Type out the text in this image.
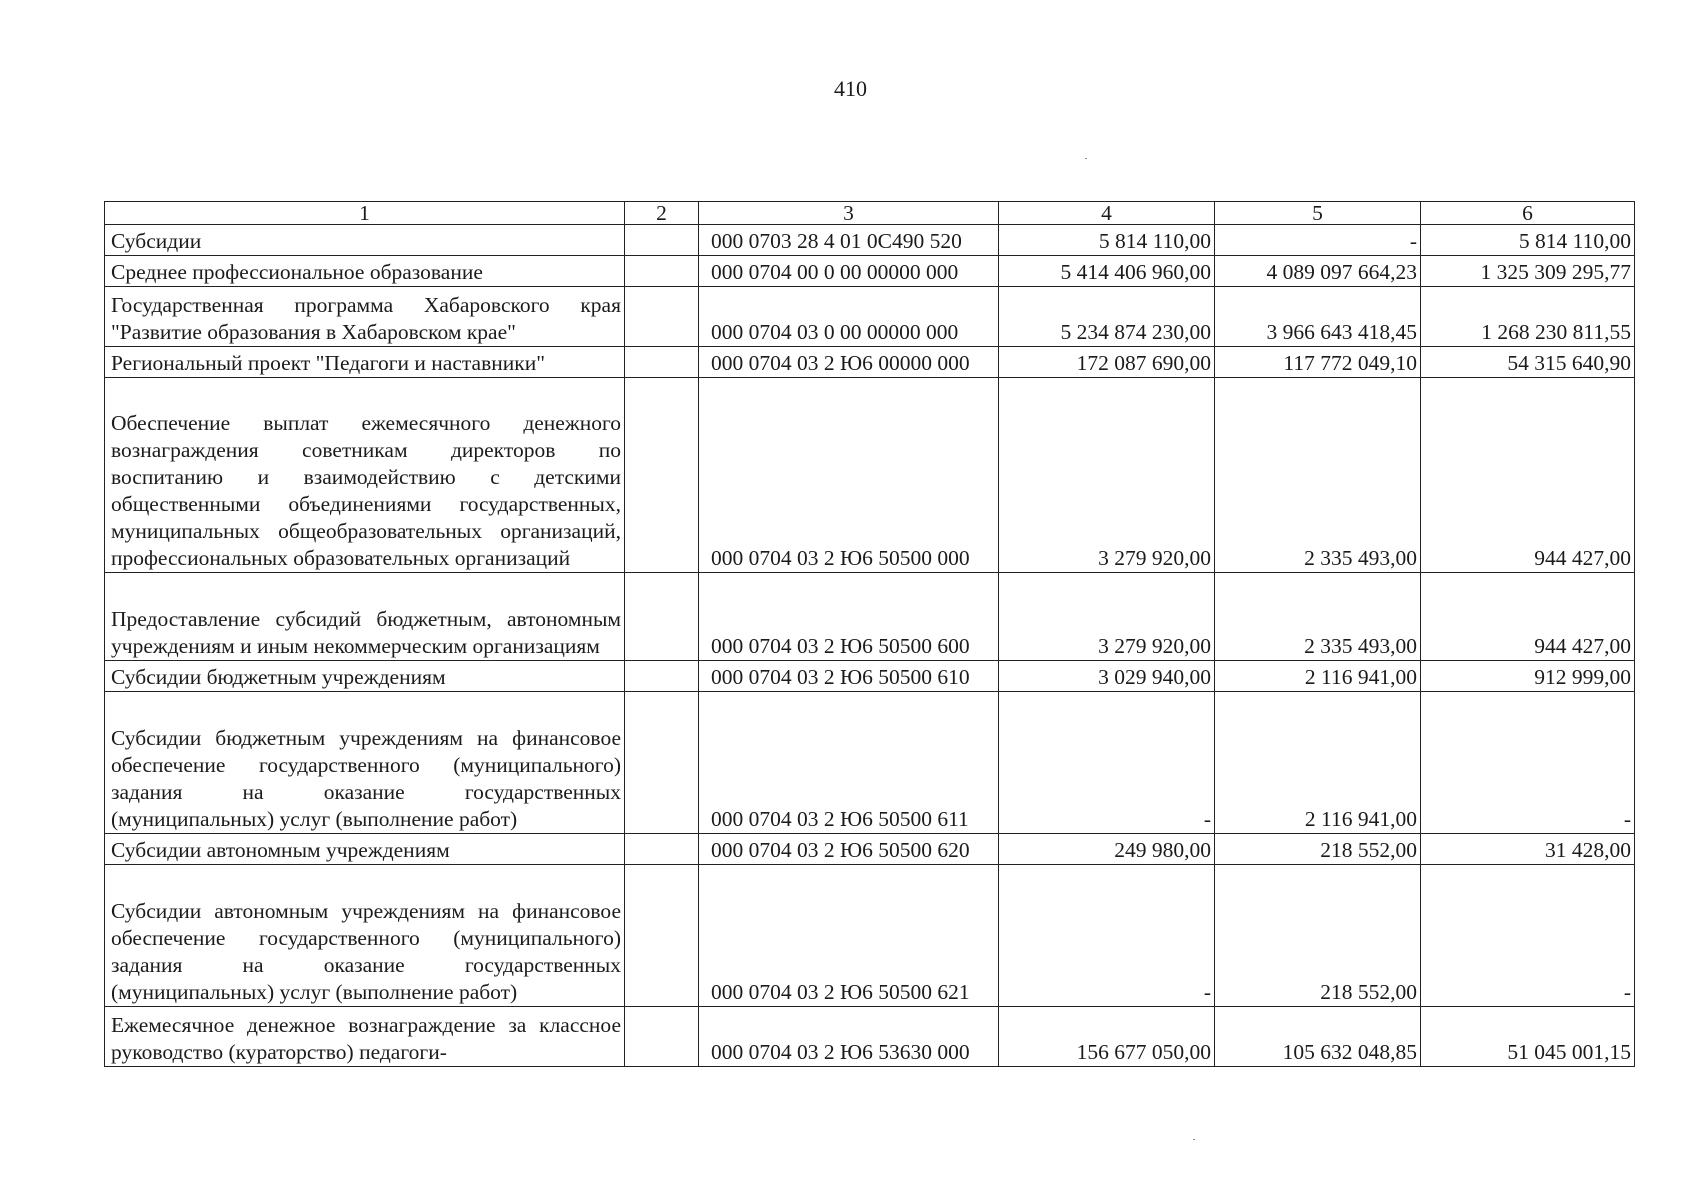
410
1	2	3	4	5	6
Субсидии		000 0703 28 4 01 0С490 520	5 814 110,00	-	5 814 110,00
Среднее профессиональное образование		000 0704 00 0 00 00000 000	5 414 406 960,00	4 089 097 664,23	1 325 309 295,77
Государственная программа Хабаровского края "Развитие образования в Хабаровском крае"		000 0704 03 0 00 00000 000	5 234 874 230,00	3 966 643 418,45	1 268 230 811,55
Региональный проект "Педагоги и наставники"		000 0704 03 2 Ю6 00000 000	172 087 690,00	117 772 049,10	54 315 640,90
Обеспечение выплат ежемесячного денежного вознаграждения советникам директоров по воспитанию и взаимодействию с детскими общественными объединениями государственных, муниципальных общеобразовательных организаций, профессиональных образовательных организаций		000 0704 03 2 Ю6 50500 000	3 279 920,00	2 335 493,00	944 427,00
Предоставление субсидий бюджетным, автономным учреждениям и иным некоммерческим организациям		000 0704 03 2 Ю6 50500 600	3 279 920,00	2 335 493,00	944 427,00
Субсидии бюджетным учреждениям		000 0704 03 2 Ю6 50500 610	3 029 940,00	2 116 941,00	912 999,00
Субсидии бюджетным учреждениям на финансовое обеспечение государственного (муниципального) задания на оказание государственных (муниципальных) услуг (выполнение работ)		000 0704 03 2 Ю6 50500 611	-	2 116 941,00	-
Субсидии автономным учреждениям		000 0704 03 2 Ю6 50500 620	249 980,00	218 552,00	31 428,00
Субсидии автономным учреждениям на финансовое обеспечение государственного (муниципального) задания на оказание государственных (муниципальных) услуг (выполнение работ)		000 0704 03 2 Ю6 50500 621	-	218 552,00	-
Ежемесячное денежное вознаграждение за классное руководство (кураторство) педагоги-		000 0704 03 2 Ю6 53630 000	156 677 050,00	105 632 048,85	51 045 001,15
